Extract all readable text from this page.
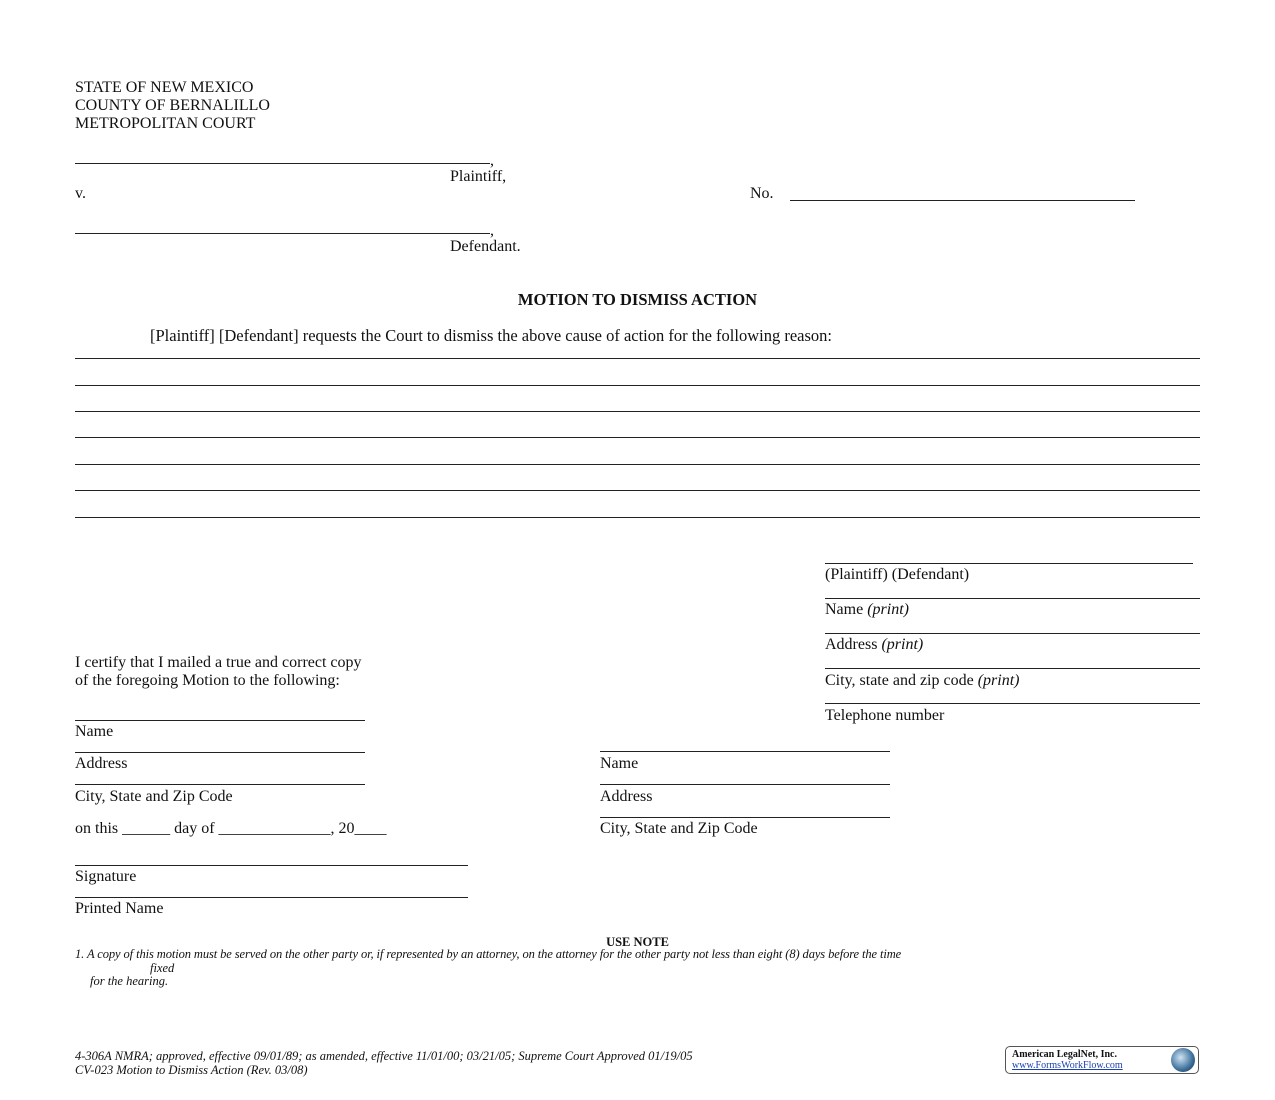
STATE OF NEW MEXICO
COUNTY OF BERNALILLO
METROPOLITAN COURT
,
Plaintiff,
v.	No.
,
Defendant.
MOTION TO DISMISS ACTION
[Plaintiff] [Defendant] requests the Court to dismiss the above cause of action for the following reason:
(Plaintiff) (Defendant)
Name (print)
Address (print)
City, state and zip code (print)
Telephone number
I certify that I mailed a true and correct copy
of the foregoing Motion to the following:
Name
Address
City, State and Zip Code
on this ______ day of ______________, 20____
Name
Address
City, State and Zip Code
Signature
Printed Name
USE NOTE
1. A copy of this motion must be served on the other party or, if represented by an attorney, on the attorney for the other party not less than eight (8) days before the time
fixed
for the hearing.
4-306A NMRA; approved, effective 09/01/89; as amended, effective 11/01/00; 03/21/05; Supreme Court Approved 01/19/05
CV-023 Motion to Dismiss Action (Rev. 03/08)
American LegalNet, Inc.
www.FormsWorkFlow.com
